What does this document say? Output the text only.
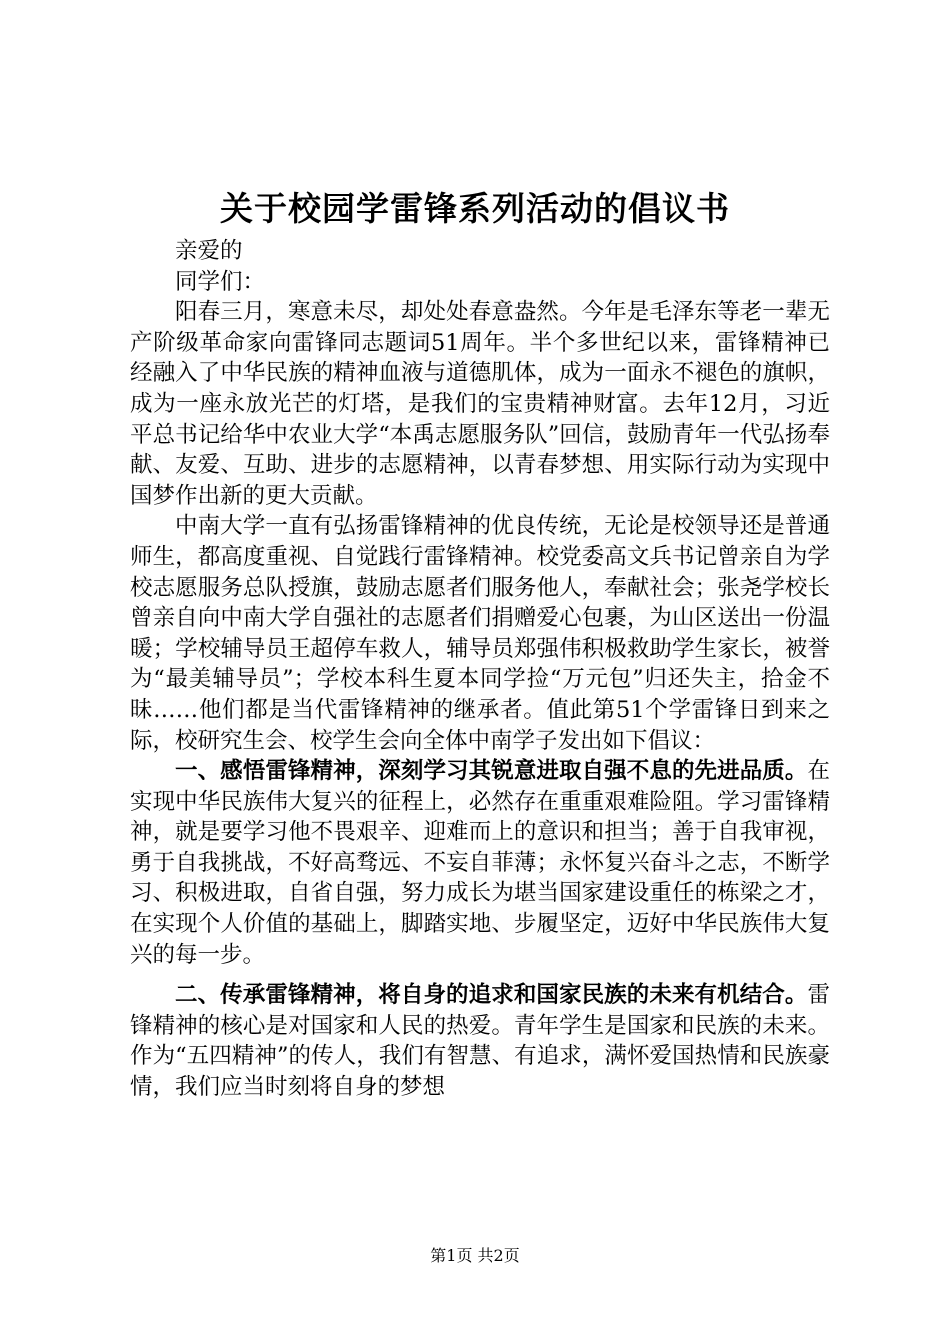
关于校园学雷锋系列活动的倡议书

亲爱的

同学们：

阳春三月，寒意未尽，却处处春意盎然。今年是毛泽东等老一辈无产阶级革命家向雷锋同志题词51周年。半个多世纪以来，雷锋精神已经融入了中华民族的精神血液与道德肌体，成为一面永不褪色的旗帜，成为一座永放光芒的灯塔，是我们的宝贵精神财富。去年12月，习近平总书记给华中农业大学“本禹志愿服务队”回信，鼓励青年一代弘扬奉献、友爱、互助、进步的志愿精神，以青春梦想、用实际行动为实现中国梦作出新的更大贡献。

中南大学一直有弘扬雷锋精神的优良传统，无论是校领导还是普通师生，都高度重视、自觉践行雷锋精神。校党委高文兵书记曾亲自为学校志愿服务总队授旗，鼓励志愿者们服务他人，奉献社会；张尧学校长曾亲自向中南大学自强社的志愿者们捐赠爱心包裹，为山区送出一份温暖；学校辅导员王超停车救人，辅导员郑强伟积极救助学生家长，被誉为“最美辅导员”；学校本科生夏本同学捡“万元包”归还失主，拾金不昧……他们都是当代雷锋精神的继承者。值此第51个学雷锋日到来之际，校研究生会、校学生会向全体中南学子发出如下倡议：

一、感悟雷锋精神，深刻学习其锐意进取自强不息的先进品质。在实现中华民族伟大复兴的征程上，必然存在重重艰难险阻。学习雷锋精神，就是要学习他不畏艰辛、迎难而上的意识和担当；善于自我审视，勇于自我挑战，不好高骛远、不妄自菲薄；永怀复兴奋斗之志，不断学习、积极进取，自省自强，努力成长为堪当国家建设重任的栋梁之才，在实现个人价值的基础上，脚踏实地、步履坚定，迈好中华民族伟大复兴的每一步。

二、传承雷锋精神，将自身的追求和国家民族的未来有机结合。雷锋精神的核心是对国家和人民的热爱。青年学生是国家和民族的未来。作为“五四精神”的传人，我们有智慧、有追求，满怀爱国热情和民族豪情，我们应当时刻将自身的梦想

第1页 共2页
